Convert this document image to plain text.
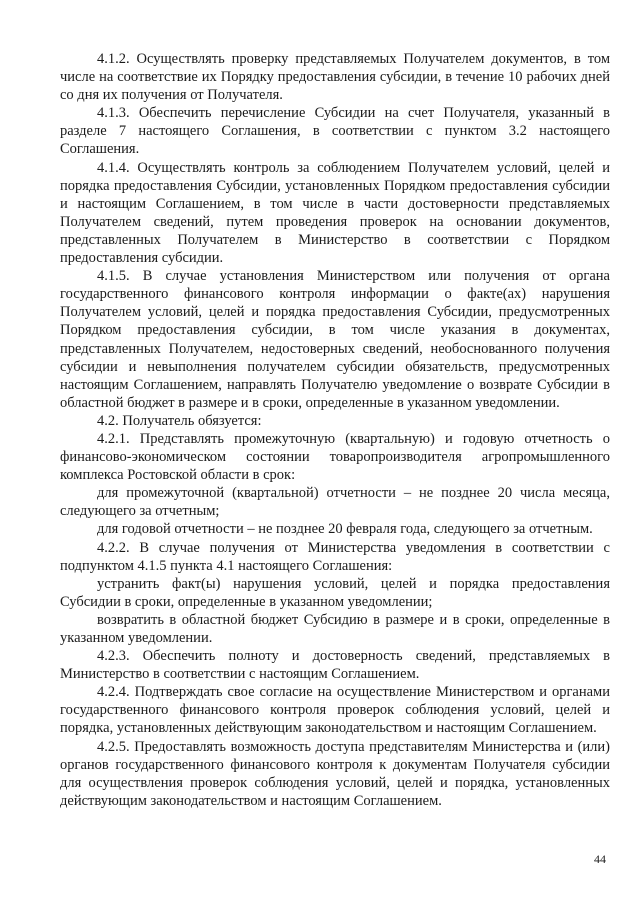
4.1.2. Осуществлять проверку представляемых Получателем документов, в том числе на соответствие их Порядку предоставления субсидии, в течение 10 рабочих дней со дня их получения от Получателя.

4.1.3. Обеспечить перечисление Субсидии на счет Получателя, указанный в разделе 7 настоящего Соглашения, в соответствии с пунктом 3.2 настоящего Соглашения.

4.1.4. Осуществлять контроль за соблюдением Получателем условий, целей и порядка предоставления Субсидии, установленных Порядком предоставления субсидии и настоящим Соглашением, в том числе в части достоверности представляемых Получателем сведений, путем проведения проверок на основании документов, представленных Получателем в Министерство в соответствии с Порядком предоставления субсидии.

4.1.5. В случае установления Министерством или получения от органа государственного финансового контроля информации о факте(ах) нарушения Получателем условий, целей и порядка предоставления Субсидии, предусмотренных Порядком предоставления субсидии, в том числе указания в документах, представленных Получателем, недостоверных сведений, необоснованного получения субсидии и невыполнения получателем субсидии обязательств, предусмотренных настоящим Соглашением, направлять Получателю уведомление о возврате Субсидии в областной бюджет в размере и в сроки, определенные в указанном уведомлении.

4.2. Получатель обязуется:

4.2.1. Представлять промежуточную (квартальную) и годовую отчетность о финансово-экономическом состоянии товаропроизводителя агропромышленного комплекса Ростовской области в срок:

для промежуточной (квартальной) отчетности – не позднее 20 числа месяца, следующего за отчетным;

для годовой отчетности – не позднее 20 февраля года, следующего за отчетным.

4.2.2. В случае получения от Министерства уведомления в соответствии с подпунктом 4.1.5 пункта 4.1 настоящего Соглашения:

устранить факт(ы) нарушения условий, целей и порядка предоставления Субсидии в сроки, определенные в указанном уведомлении;

возвратить в областной бюджет Субсидию в размере и в сроки, определенные в указанном уведомлении.

4.2.3. Обеспечить полноту и достоверность сведений, представляемых в Министерство в соответствии с настоящим Соглашением.

4.2.4. Подтверждать свое согласие на осуществление Министерством и органами государственного финансового контроля проверок соблюдения условий, целей и порядка, установленных действующим законодательством и настоящим Соглашением.

4.2.5. Предоставлять возможность доступа представителям Министерства и (или) органов государственного финансового контроля к документам Получателя субсидии для осуществления проверок соблюдения условий, целей и порядка, установленных действующим законодательством и настоящим Соглашением.

44
